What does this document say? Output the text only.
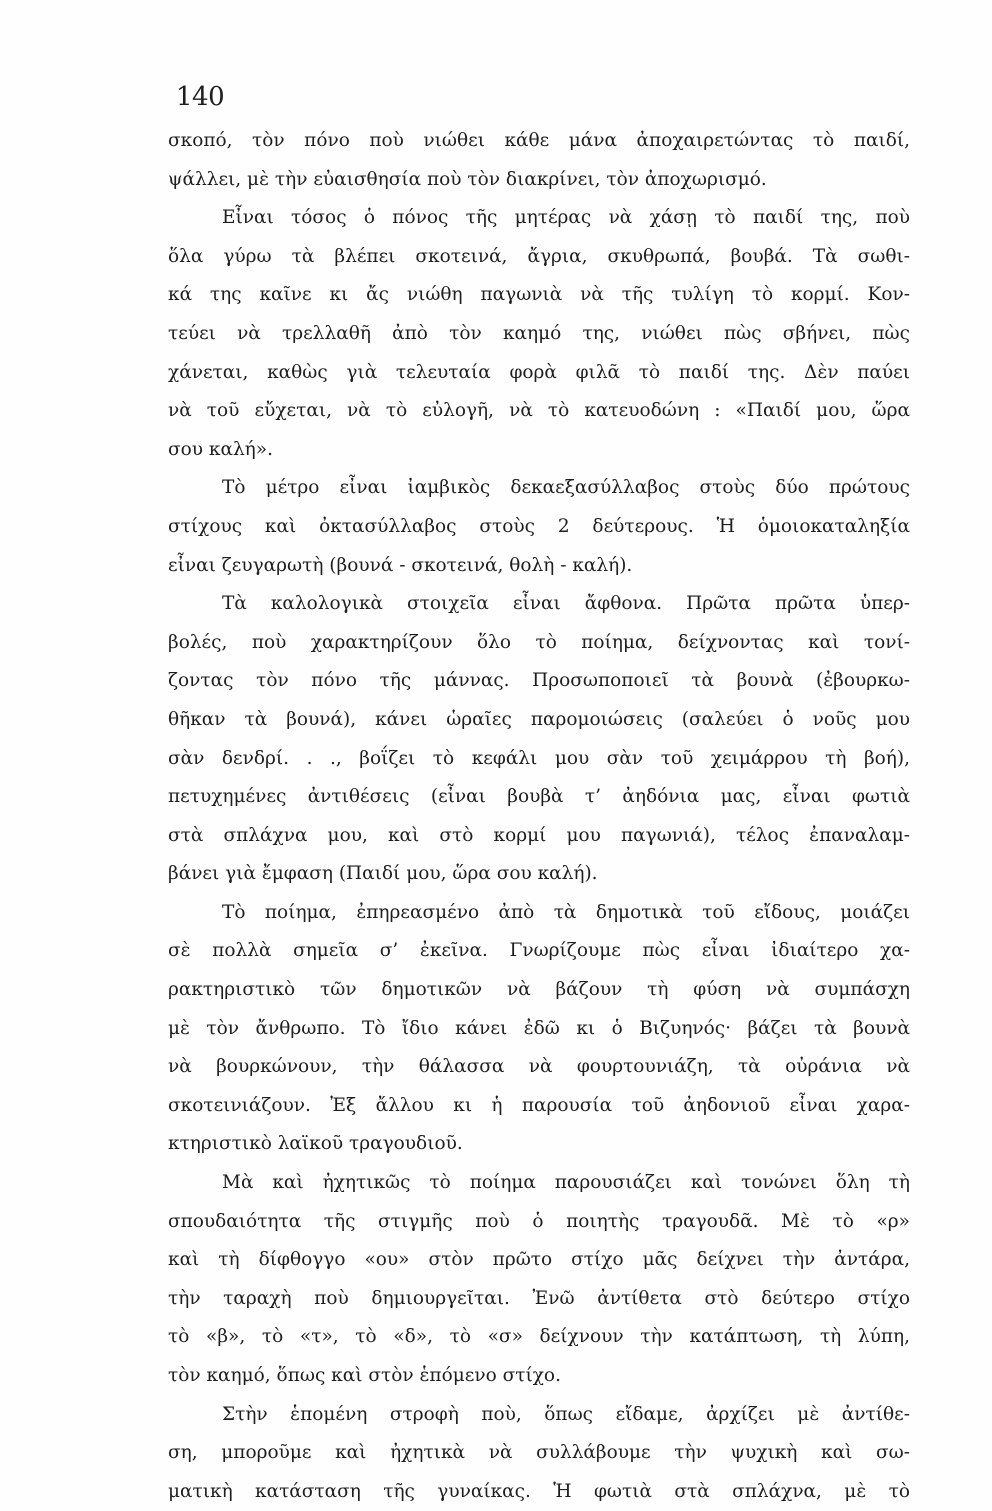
140
σκοπό, τὸν πόνο ποὺ νιώθει κάθε μάνα ἀποχαιρετώντας τὸ παιδί,
ψάλλει, μὲ τὴν εὐαισθησία ποὺ τὸν διακρίνει, τὸν ἀποχωρισμό.
Εἶναι τόσος ὁ πόνος τῆς μητέρας νὰ χάσῃ τὸ παιδί της, ποὺ
ὅλα γύρω τὰ βλέπει σκοτεινά, ἄγρια, σκυθρωπά, βουβά. Τὰ σωθι-
κά της καῖνε κι ἄς νιώθη παγωνιὰ νὰ τῆς τυλίγη τὸ κορμί. Κον-
τεύει νὰ τρελλαθῆ ἀπὸ τὸν καημό της, νιώθει πὼς σβήνει, πὼς
χάνεται, καθὼς γιὰ τελευταία φορὰ φιλᾶ τὸ παιδί της. Δὲν παύει
νὰ τοῦ εὔχεται, νὰ τὸ εὐλογῆ, νὰ τὸ κατευοδώνη : «Παιδί μου, ὥρα
σου καλή».
Τὸ μέτρο εἶναι ἰαμβικὸς δεκαεξασύλλαβος στοὺς δύο πρώτους
στίχους καὶ ὀκτασύλλαβος στοὺς 2 δεύτερους. Ἡ ὁμοιοκαταληξία
εἶναι ζευγαρωτὴ (βουνά - σκοτεινά, θολὴ - καλή).
Τὰ καλολογικὰ στοιχεῖα εἶναι ἄφθονα. Πρῶτα πρῶτα ὑπερ-
βολές, ποὺ χαρακτηρίζουν ὅλο τὸ ποίημα, δείχνοντας καὶ τονί-
ζοντας τὸν πόνο τῆς μάννας. Προσωποποιεῖ τὰ βουνὰ (ἐβουρκω-
θῆκαν τὰ βουνά), κάνει ὡραῖες παρομοιώσεις (σαλεύει ὁ νοῦς μου
σὰν δενδρί. . ., βοΐζει τὸ κεφάλι μου σὰν τοῦ χειμάρρου τὴ βοή),
πετυχημένες ἀντιθέσεις (εἶναι βουβὰ τ’ ἀηδόνια μας, εἶναι φωτιὰ
στὰ σπλάχνα μου, καὶ στὸ κορμί μου παγωνιά), τέλος ἐπαναλαμ-
βάνει γιὰ ἔμφαση (Παιδί μου, ὥρα σου καλή).
Τὸ ποίημα, ἐπηρεασμένο ἀπὸ τὰ δημοτικὰ τοῦ εἴδους, μοιάζει
σὲ πολλὰ σημεῖα σ’ ἐκεῖνα. Γνωρίζουμε πὼς εἶναι ἰδιαίτερο χα-
ρακτηριστικὸ τῶν δημοτικῶν νὰ βάζουν τὴ φύση νὰ συμπάσχη
μὲ τὸν ἄνθρωπο. Τὸ ἴδιο κάνει ἐδῶ κι ὁ Βιζυηνός· βάζει τὰ βουνὰ
νὰ βουρκώνουν, τὴν θάλασσα νὰ φουρτουνιάζη, τὰ οὐράνια νὰ
σκοτεινιάζουν. Ἐξ ἄλλου κι ἡ παρουσία τοῦ ἀηδονιοῦ εἶναι χαρα-
κτηριστικὸ λαϊκοῦ τραγουδιοῦ.
Μὰ καὶ ἠχητικῶς τὸ ποίημα παρουσιάζει καὶ τονώνει ὅλη τὴ
σπουδαιότητα τῆς στιγμῆς ποὺ ὁ ποιητὴς τραγουδᾶ. Μὲ τὸ «ρ»
καὶ τὴ δίφθογγο «ου» στὸν πρῶτο στίχο μᾶς δείχνει τὴν ἀντάρα,
τὴν ταραχὴ ποὺ δημιουργεῖται. Ἐνῶ ἀντίθετα στὸ δεύτερο στίχο
τὸ «β», τὸ «τ», τὸ «δ», τὸ «σ» δείχνουν τὴν κατάπτωση, τὴ λύπη,
τὸν καημό, ὅπως καὶ στὸν ἑπόμενο στίχο.
Στὴν ἑπομένη στροφὴ ποὺ, ὅπως εἴδαμε, ἀρχίζει μὲ ἀντίθε-
ση, μποροῦμε καὶ ἠχητικὰ νὰ συλλάβουμε τὴν ψυχικὴ καὶ σω-
ματικὴ κατάσταση τῆς γυναίκας. Ἡ φωτιὰ στὰ σπλάχνα, μὲ τὸ
